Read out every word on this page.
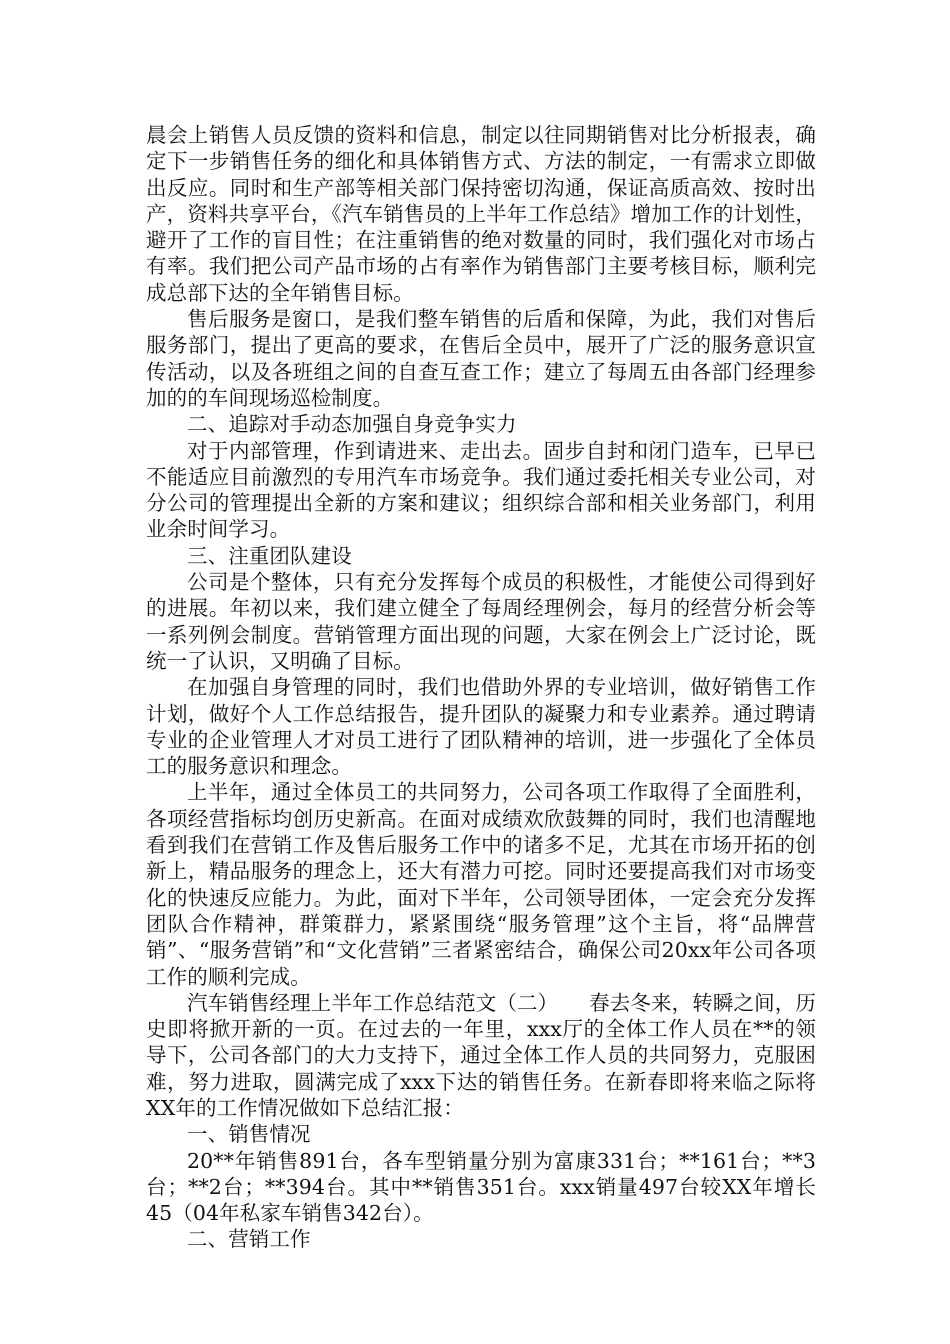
晨会上销售人员反馈的资料和信息，制定以往同期销售对比分析报表，确定下一步销售任务的细化和具体销售方式、方法的制定，一有需求立即做出反应。同时和生产部等相关部门保持密切沟通，保证高质高效、按时出产，资料共享平台，《汽车销售员的上半年工作总结》增加工作的计划性，避开了工作的盲目性；在注重销售的绝对数量的同时，我们强化对市场占有率。我们把公司产品市场的占有率作为销售部门主要考核目标，顺利完成总部下达的全年销售目标。

售后服务是窗口，是我们整车销售的后盾和保障，为此，我们对售后服务部门，提出了更高的要求，在售后全员中，展开了广泛的服务意识宣传活动，以及各班组之间的自查互查工作；建立了每周五由各部门经理参加的的车间现场巡检制度。

二、追踪对手动态加强自身竞争实力

对于内部管理，作到请进来、走出去。固步自封和闭门造车，已早已不能适应目前激烈的专用汽车市场竞争。我们通过委托相关专业公司，对分公司的管理提出全新的方案和建议；组织综合部和相关业务部门，利用业余时间学习。

三、注重团队建设

公司是个整体，只有充分发挥每个成员的积极性，才能使公司得到好的进展。年初以来，我们建立健全了每周经理例会，每月的经营分析会等一系列例会制度。营销管理方面出现的问题，大家在例会上广泛讨论，既统一了认识，又明确了目标。

在加强自身管理的同时，我们也借助外界的专业培训，做好销售工作计划，做好个人工作总结报告，提升团队的凝聚力和专业素养。通过聘请专业的企业管理人才对员工进行了团队精神的培训，进一步强化了全体员工的服务意识和理念。

上半年，通过全体员工的共同努力，公司各项工作取得了全面胜利，各项经营指标均创历史新高。在面对成绩欢欣鼓舞的同时，我们也清醒地看到我们在营销工作及售后服务工作中的诸多不足，尤其在市场开拓的创新上，精品服务的理念上，还大有潜力可挖。同时还要提高我们对市场变化的快速反应能力。为此，面对下半年，公司领导团体，一定会充分发挥团队合作精神，群策群力，紧紧围绕“服务管理”这个主旨，将“品牌营销”、“服务营销”和“文化营销”三者紧密结合，确保公司20xx年公司各项工作的顺利完成。

汽车销售经理上半年工作总结范文（二）　　春去冬来，转瞬之间，历史即将掀开新的一页。在过去的一年里，xxx厅的全体工作人员在**的领导下，公司各部门的大力支持下，通过全体工作人员的共同努力，克服困难，努力进取，圆满完成了xxx下达的销售任务。在新春即将来临之际将XX年的工作情况做如下总结汇报：

一、销售情况

20**年销售891台，各车型销量分别为富康331台；**161台；**3台；**2台；**394台。其中**销售351台。xxx销量497台较XX年增长45（04年私家车销售342台）。

二、营销工作
